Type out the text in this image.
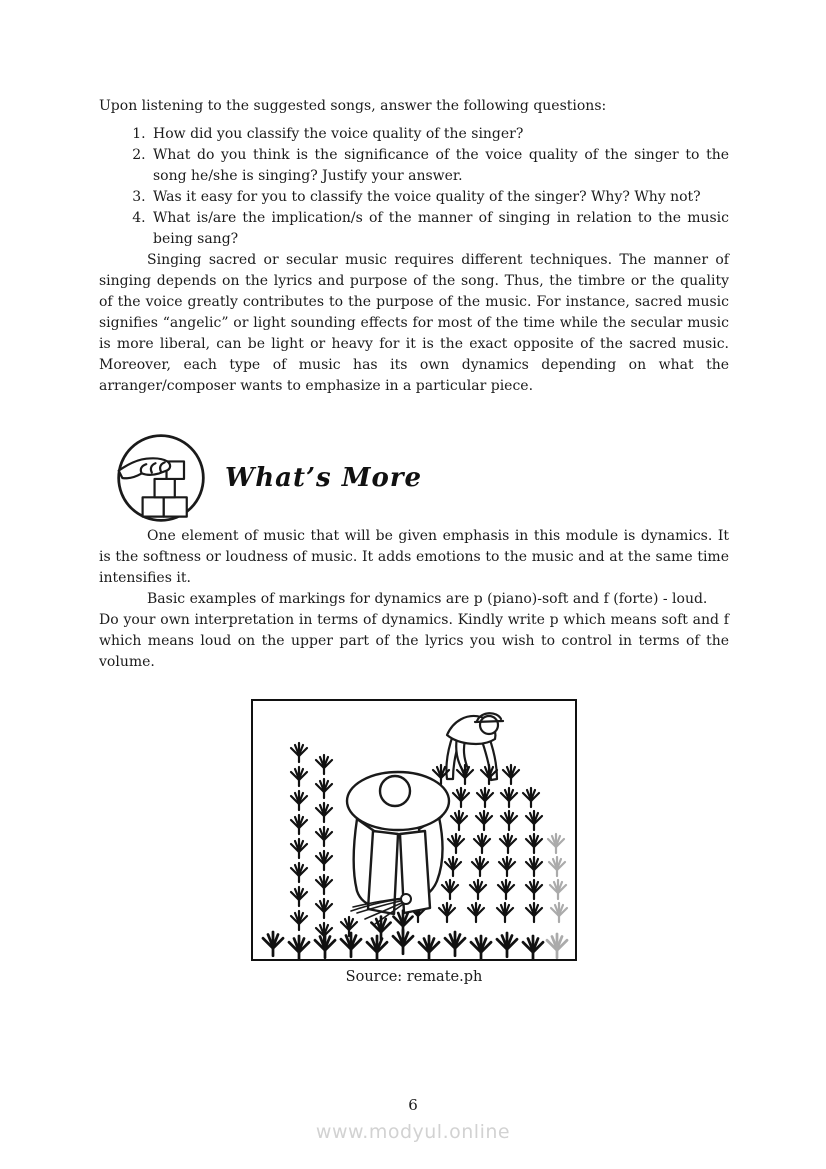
Upon listening to the suggested songs, answer the following questions:

1. How did you classify the voice quality of the singer?
2. What do you think is the significance of the voice quality of the singer to the song he/she is singing? Justify your answer.
3. Was it easy for you to classify the voice quality of the singer? Why? Why not?
4. What is/are the implication/s of the manner of singing in relation to the music being sang?

Singing sacred or secular music requires different techniques. The manner of singing depends on the lyrics and purpose of the song. Thus, the timbre or the quality of the voice greatly contributes to the purpose of the music. For instance, sacred music signifies “angelic” or light sounding effects for most of the time while the secular music is more liberal, can be light or heavy for it is the exact opposite of the sacred music. Moreover, each type of music has its own dynamics depending on what the arranger/composer wants to emphasize in a particular piece.

What’s More

One element of music that will be given emphasis in this module is dynamics. It is the softness or loudness of music. It adds emotions to the music and at the same time intensifies it.

Basic examples of markings for dynamics are p (piano)-soft and f (forte) - loud.

Do your own interpretation in terms of dynamics. Kindly write p which means soft and f which means loud on the upper part of the lyrics you wish to control in terms of the volume.

Source: remate.ph
6
www.modyul.online
